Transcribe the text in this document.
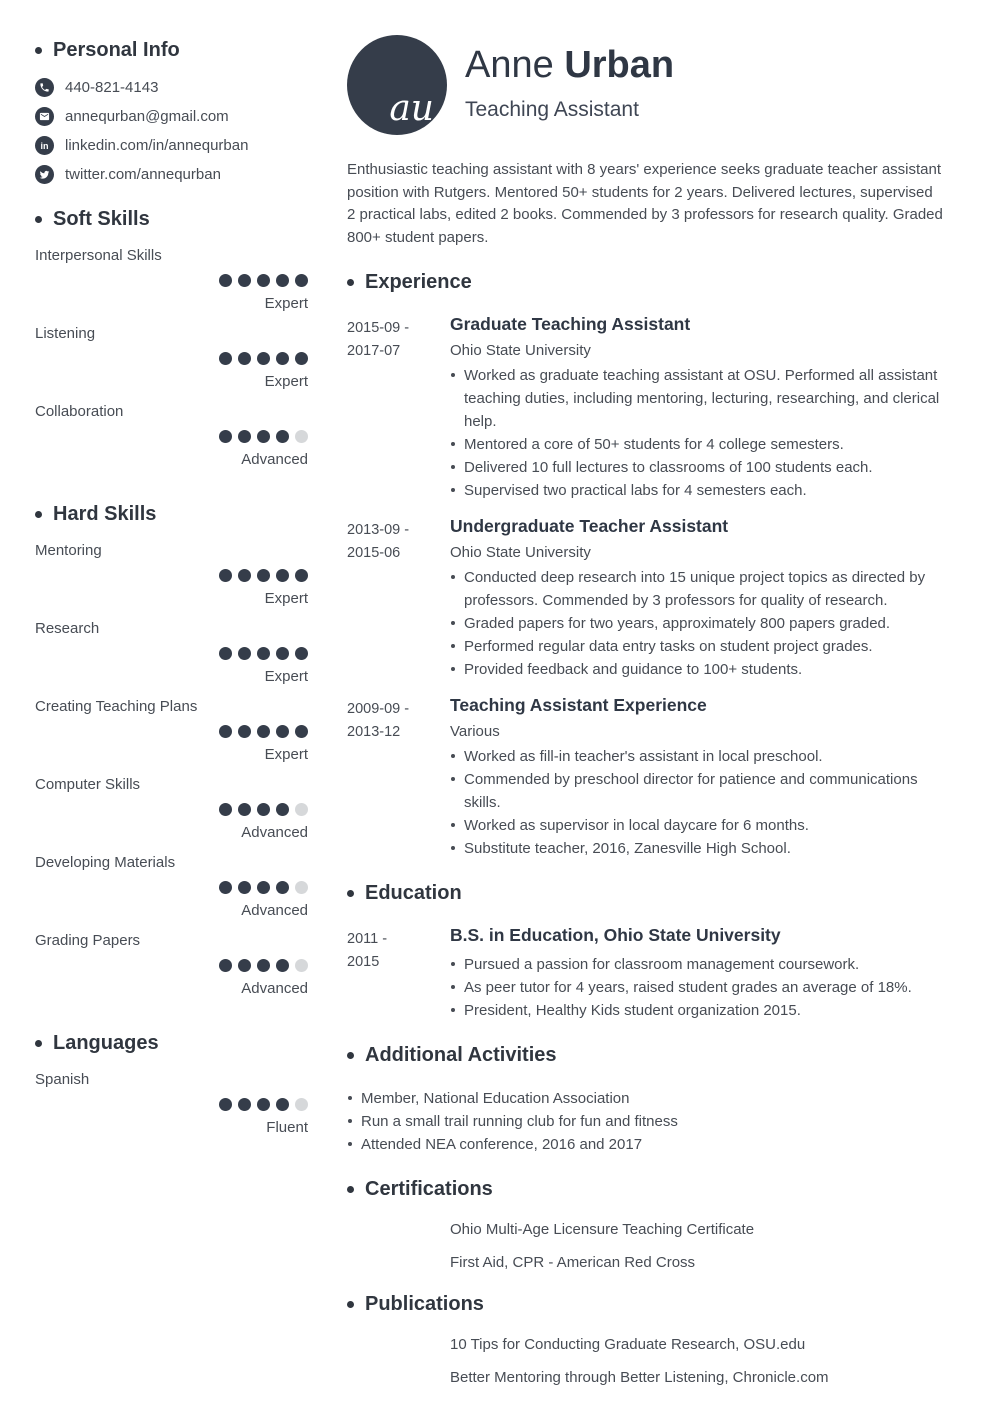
Personal Info
440-821-4143
annequrban@gmail.com
in	linkedin.com/in/annequrban
twitter.com/annequrban
Soft Skills
Interpersonal Skills
Expert
Listening
Expert
Collaboration
Advanced
Hard Skills
Mentoring
Expert
Research
Expert
Creating Teaching Plans
Expert
Computer Skills
Advanced
Developing Materials
Advanced
Grading Papers
Advanced
Languages
Spanish
Fluent
au
Anne Urban
Teaching Assistant
Enthusiastic teaching assistant with 8 years' experience seeks graduate teacher assistant position with Rutgers. Mentored 50+ students for 2 years. Delivered lectures, supervised 2 practical labs, edited 2 books. Commended by 3 professors for research quality. Graded 800+ student papers.
Experience
2015-09 -
2017-07
Graduate Teaching Assistant
Ohio State University
Worked as graduate teaching assistant at OSU. Performed all assistant teaching duties, including mentoring, lecturing, researching, and clerical help.
Mentored a core of 50+ students for 4 college semesters.
Delivered 10 full lectures to classrooms of 100 students each.
Supervised two practical labs for 4 semesters each.
2013-09 -
2015-06
Undergraduate Teacher Assistant
Ohio State University
Conducted deep research into 15 unique project topics as directed by professors. Commended by 3 professors for quality of research.
Graded papers for two years, approximately 800 papers graded.
Performed regular data entry tasks on student project grades.
Provided feedback and guidance to 100+ students.
2009-09 -
2013-12
Teaching Assistant Experience
Various
Worked as fill-in teacher's assistant in local preschool.
Commended by preschool director for patience and communications skills.
Worked as supervisor in local daycare for 6 months.
Substitute teacher, 2016, Zanesville High School.
Education
2011 -
2015
B.S. in Education, Ohio State University
Pursued a passion for classroom management coursework.
As peer tutor for 4 years, raised student grades an average of 18%.
President, Healthy Kids student organization 2015.
Additional Activities
Member, National Education Association
Run a small trail running club for fun and fitness
Attended NEA conference, 2016 and 2017
Certifications
Ohio Multi-Age Licensure Teaching Certificate
First Aid, CPR - American Red Cross
Publications
10 Tips for Conducting Graduate Research, OSU.edu
Better Mentoring through Better Listening, Chronicle.com
